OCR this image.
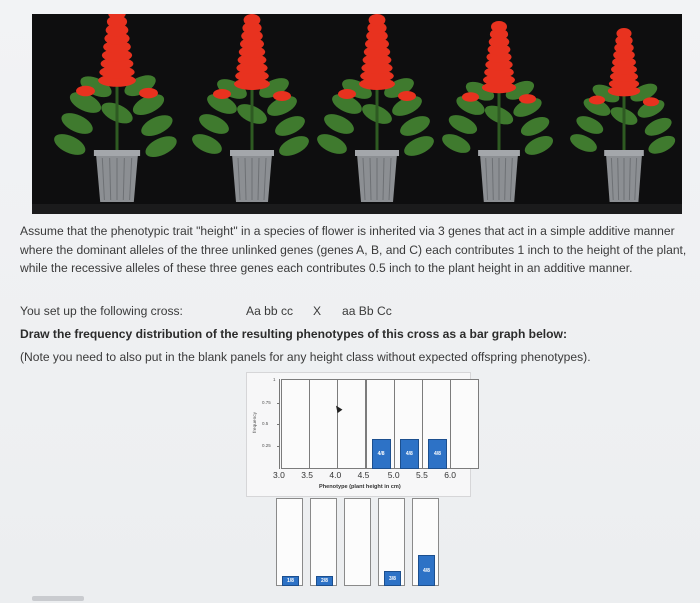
Assume that the phenotypic trait "height" in a species of flower is inherited via 3 genes that act in a simple additive manner where the dominant alleles of the three unlinked genes (genes A, B, and C) each contributes 1 inch to the height of the plant, while the recessive alleles of these three genes each contributes 0.5 inch to the plant height in an additive manner.
You set up the following cross:	Aa bb cc X aa Bb Cc
Draw the frequency distribution of the resulting phenotypes of this cross as a bar graph below:
(Note you need to also put in the blank panels for any height class without expected offspring phenotypes).
frequency
1
0.25
0.5
0.75
4/8	4/8	4/8
3.0 3.5 4.0 4.5 5.0 5.5 6.0
Phenotype (plant height in cm)
1/8	2/8	3/8
4/8
